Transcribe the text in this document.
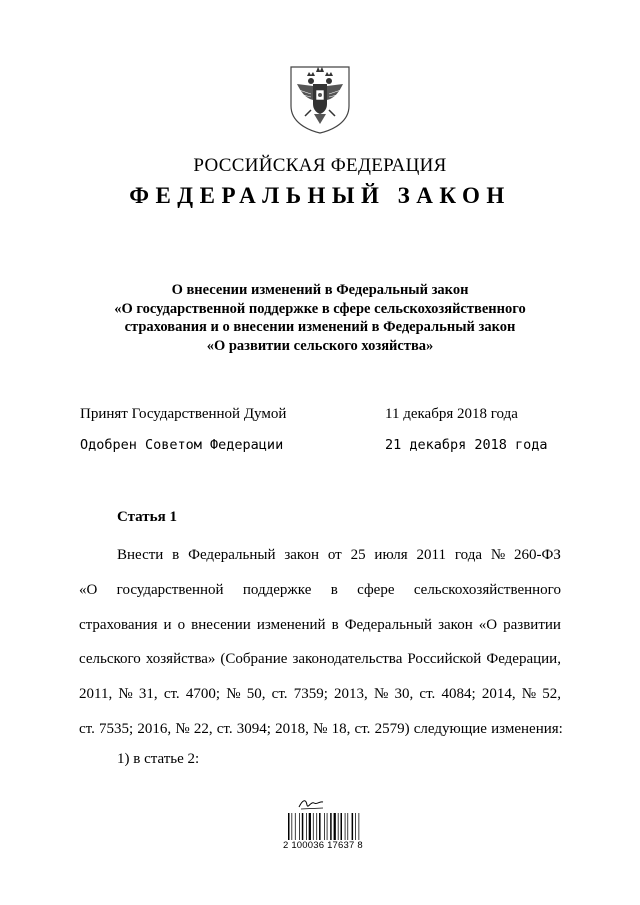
РОССИЙСКАЯ ФЕДЕРАЦИЯ
ФЕДЕРАЛЬНЫЙ ЗАКОН
О внесении изменений в Федеральный закон
«О государственной поддержке в сфере сельскохозяйственного
страхования и о внесении изменений в Федеральный закон
«О развитии сельского хозяйства»
Принят Государственной Думой	11 декабря 2018 года
Одобрен Советом Федерации	21 декабря 2018 года
Статья 1
Внести в Федеральный закон от 25 июля 2011 года № 260-ФЗ
«О государственной поддержке в сфере сельскохозяйственного
страхования и о внесении изменений в Федеральный закон «О развитии
сельского хозяйства» (Собрание законодательства Российской Федерации,
2011, № 31, ст. 4700; № 50, ст. 7359; 2013, № 30, ст. 4084; 2014, № 52,
ст. 7535; 2016, № 22, ст. 3094; 2018, № 18, ст. 2579) следующие изменения:
1) в статье 2:
2 100036 17637 8
